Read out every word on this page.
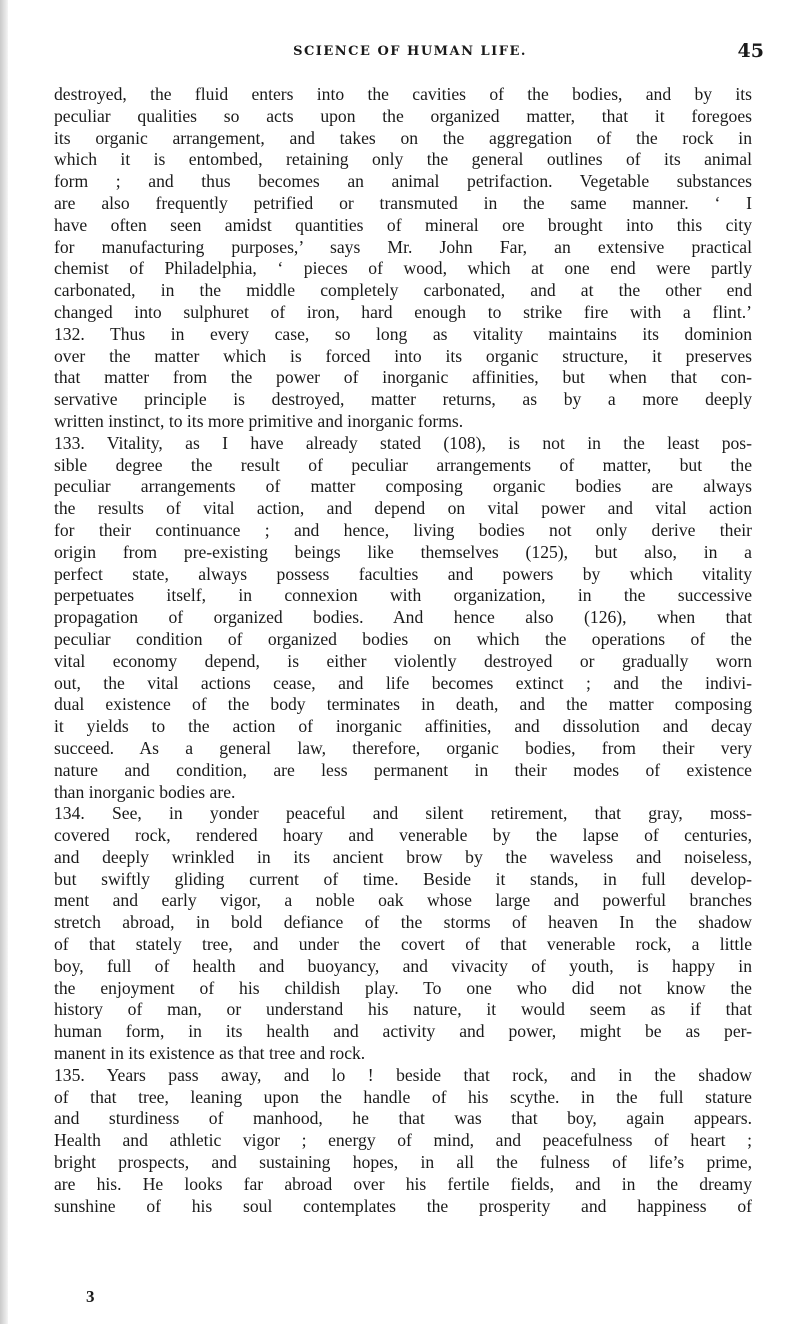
SCIENCE OF HUMAN LIFE.	45
destroyed, the fluid enters into the cavities of the bodies, and by its
peculiar qualities so acts upon the organized matter, that it foregoes
its organic arrangement, and takes on the aggregation of the rock in
which it is entombed, retaining only the general outlines of its animal
form ; and thus becomes an animal petrifaction. Vegetable substances
are also frequently petrified or transmuted in the same manner. ‘ I
have often seen amidst quantities of mineral ore brought into this city
for manufacturing purposes,’ says Mr. John Far, an extensive practical
chemist of Philadelphia, ‘ pieces of wood, which at one end were partly
carbonated, in the middle completely carbonated, and at the other end
changed into sulphuret of iron, hard enough to strike fire with a flint.’
132. Thus in every case, so long as vitality maintains its dominion
over the matter which is forced into its organic structure, it preserves
that matter from the power of inorganic affinities, but when that con-
servative principle is destroyed, matter returns, as by a more deeply
written instinct, to its more primitive and inorganic forms.
133. Vitality, as I have already stated (108), is not in the least pos-
sible degree the result of peculiar arrangements of matter, but the
peculiar arrangements of matter composing organic bodies are always
the results of vital action, and depend on vital power and vital action
for their continuance ; and hence, living bodies not only derive their
origin from pre-existing beings like themselves (125), but also, in a
perfect state, always possess faculties and powers by which vitality
perpetuates itself, in connexion with organization, in the successive
propagation of organized bodies. And hence also (126), when that
peculiar condition of organized bodies on which the operations of the
vital economy depend, is either violently destroyed or gradually worn
out, the vital actions cease, and life becomes extinct ; and the indivi-
dual existence of the body terminates in death, and the matter composing
it yields to the action of inorganic affinities, and dissolution and decay
succeed. As a general law, therefore, organic bodies, from their very
nature and condition, are less permanent in their modes of existence
than inorganic bodies are.
134. See, in yonder peaceful and silent retirement, that gray, moss-
covered rock, rendered hoary and venerable by the lapse of centuries,
and deeply wrinkled in its ancient brow by the waveless and noiseless,
but swiftly gliding current of time. Beside it stands, in full develop-
ment and early vigor, a noble oak whose large and powerful branches
stretch abroad, in bold defiance of the storms of heaven In the shadow
of that stately tree, and under the covert of that venerable rock, a little
boy, full of health and buoyancy, and vivacity of youth, is happy in
the enjoyment of his childish play. To one who did not know the
history of man, or understand his nature, it would seem as if that
human form, in its health and activity and power, might be as per-
manent in its existence as that tree and rock.
135. Years pass away, and lo ! beside that rock, and in the shadow
of that tree, leaning upon the handle of his scythe. in the full stature
and sturdiness of manhood, he that was that boy, again appears.
Health and athletic vigor ; energy of mind, and peacefulness of heart ;
bright prospects, and sustaining hopes, in all the fulness of life’s prime,
are his. He looks far abroad over his fertile fields, and in the dreamy
sunshine of his soul contemplates the prosperity and happiness of
3
